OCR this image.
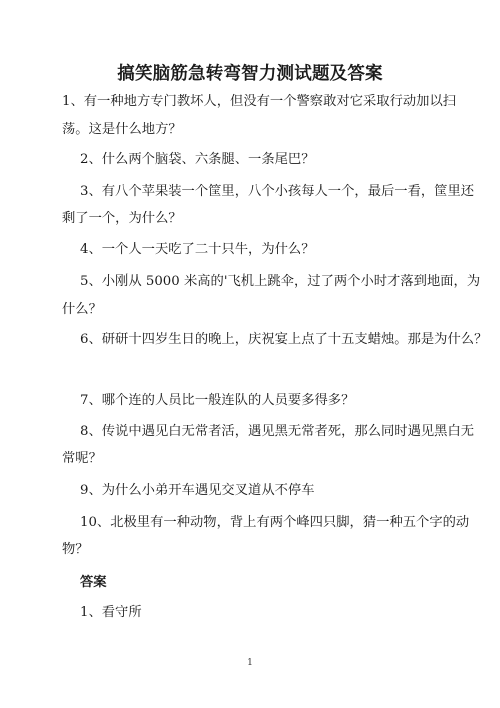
搞笑脑筋急转弯智力测试题及答案

1、有一种地方专门教坏人，但没有一个警察敢对它采取行动加以扫

荡。这是什么地方？

2、什么两个脑袋、六条腿、一条尾巴？

3、有八个苹果装一个筐里，八个小孩每人一个，最后一看，筐里还

剩了一个，为什么？

4、一个人一天吃了二十只牛，为什么？

5、小刚从 5000 米高的'飞机上跳伞，过了两个小时才落到地面，为

什么？

6、研研十四岁生日的晚上，庆祝宴上点了十五支蜡烛。那是为什么？

7、哪个连的人员比一般连队的人员要多得多？

8、传说中遇见白无常者活，遇见黑无常者死，那么同时遇见黑白无

常呢？

9、为什么小弟开车遇见交叉道从不停车

10、北极里有一种动物，背上有两个峰四只脚，猜一种五个字的动

物？

答案

1、看守所

1
